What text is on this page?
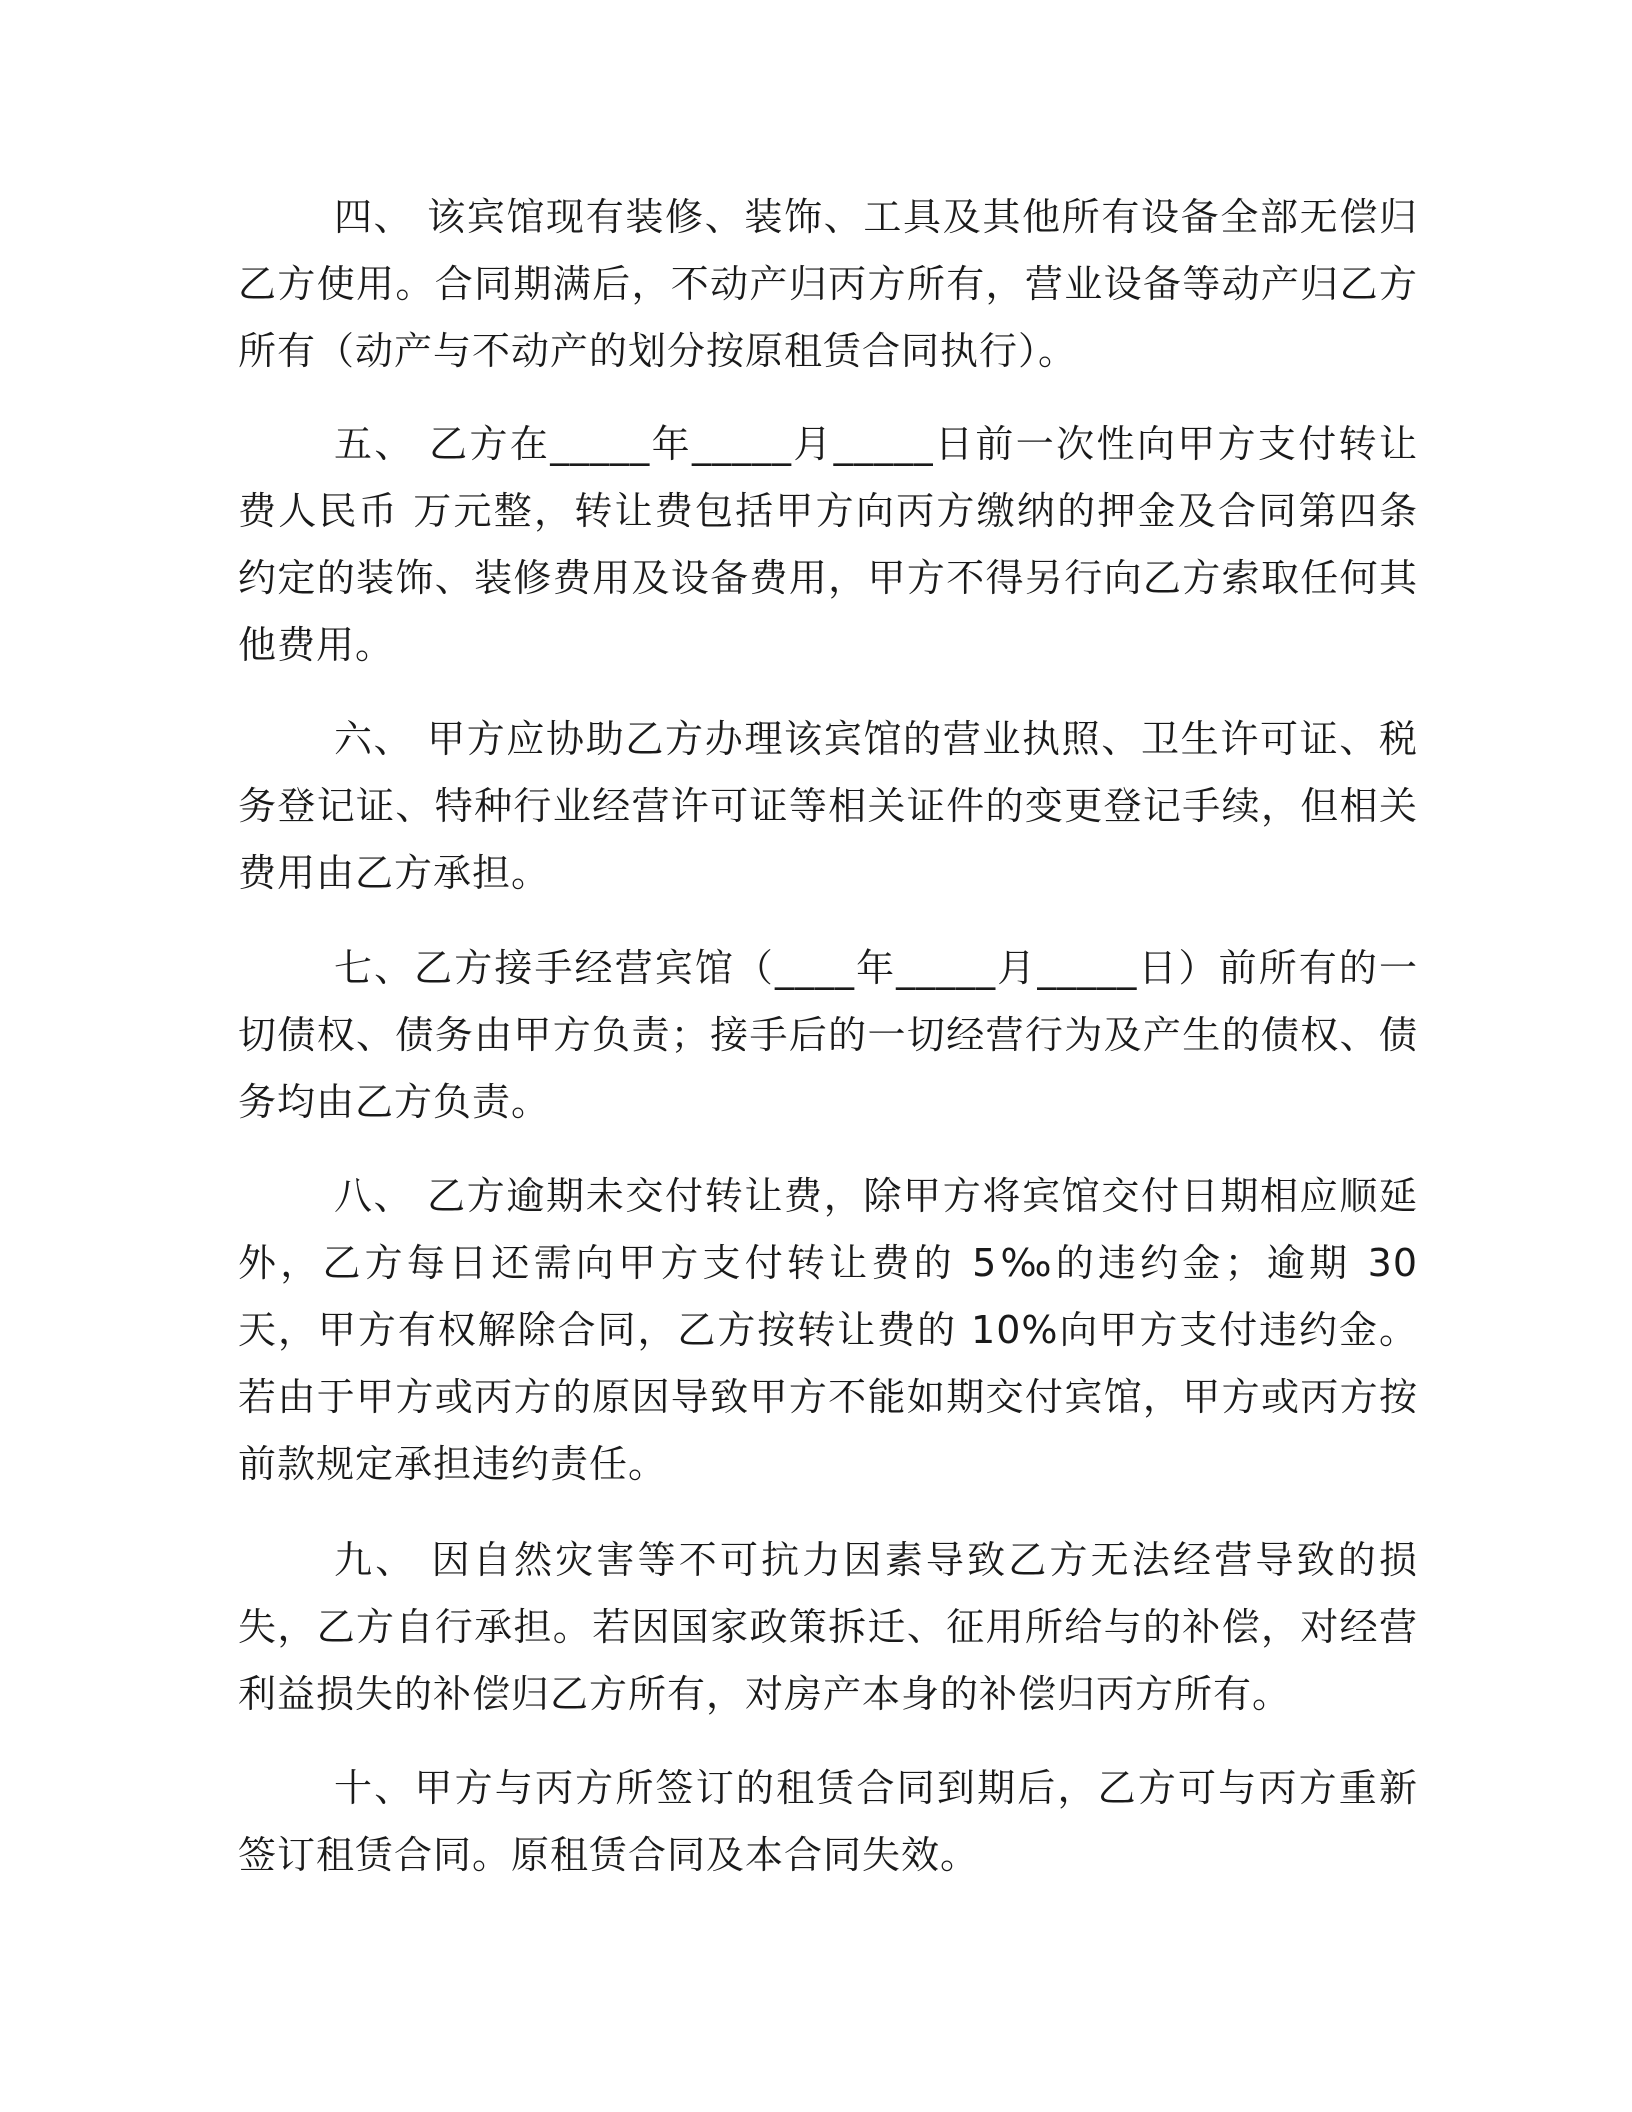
四、 该宾馆现有装修、装饰、工具及其他所有设备全部无偿归乙方使用。合同期满后，不动产归丙方所有，营业设备等动产归乙方所有（动产与不动产的划分按原租赁合同执行）。

五、 乙方在_____年_____月_____日前一次性向甲方支付转让费人民币 万元整，转让费包括甲方向丙方缴纳的押金及合同第四条约定的装饰、装修费用及设备费用，甲方不得另行向乙方索取任何其他费用。

六、 甲方应协助乙方办理该宾馆的营业执照、卫生许可证、税务登记证、特种行业经营许可证等相关证件的变更登记手续，但相关费用由乙方承担。

七、乙方接手经营宾馆（____年_____月_____日）前所有的一切债权、债务由甲方负责；接手后的一切经营行为及产生的债权、债务均由乙方负责。

八、 乙方逾期未交付转让费，除甲方将宾馆交付日期相应顺延外，乙方每日还需向甲方支付转让费的 5‰的违约金；逾期 30 天，甲方有权解除合同，乙方按转让费的 10%向甲方支付违约金。若由于甲方或丙方的原因导致甲方不能如期交付宾馆，甲方或丙方按前款规定承担违约责任。

九、 因自然灾害等不可抗力因素导致乙方无法经营导致的损失，乙方自行承担。若因国家政策拆迁、征用所给与的补偿，对经营利益损失的补偿归乙方所有，对房产本身的补偿归丙方所有。

十、甲方与丙方所签订的租赁合同到期后，乙方可与丙方重新签订租赁合同。原租赁合同及本合同失效。
